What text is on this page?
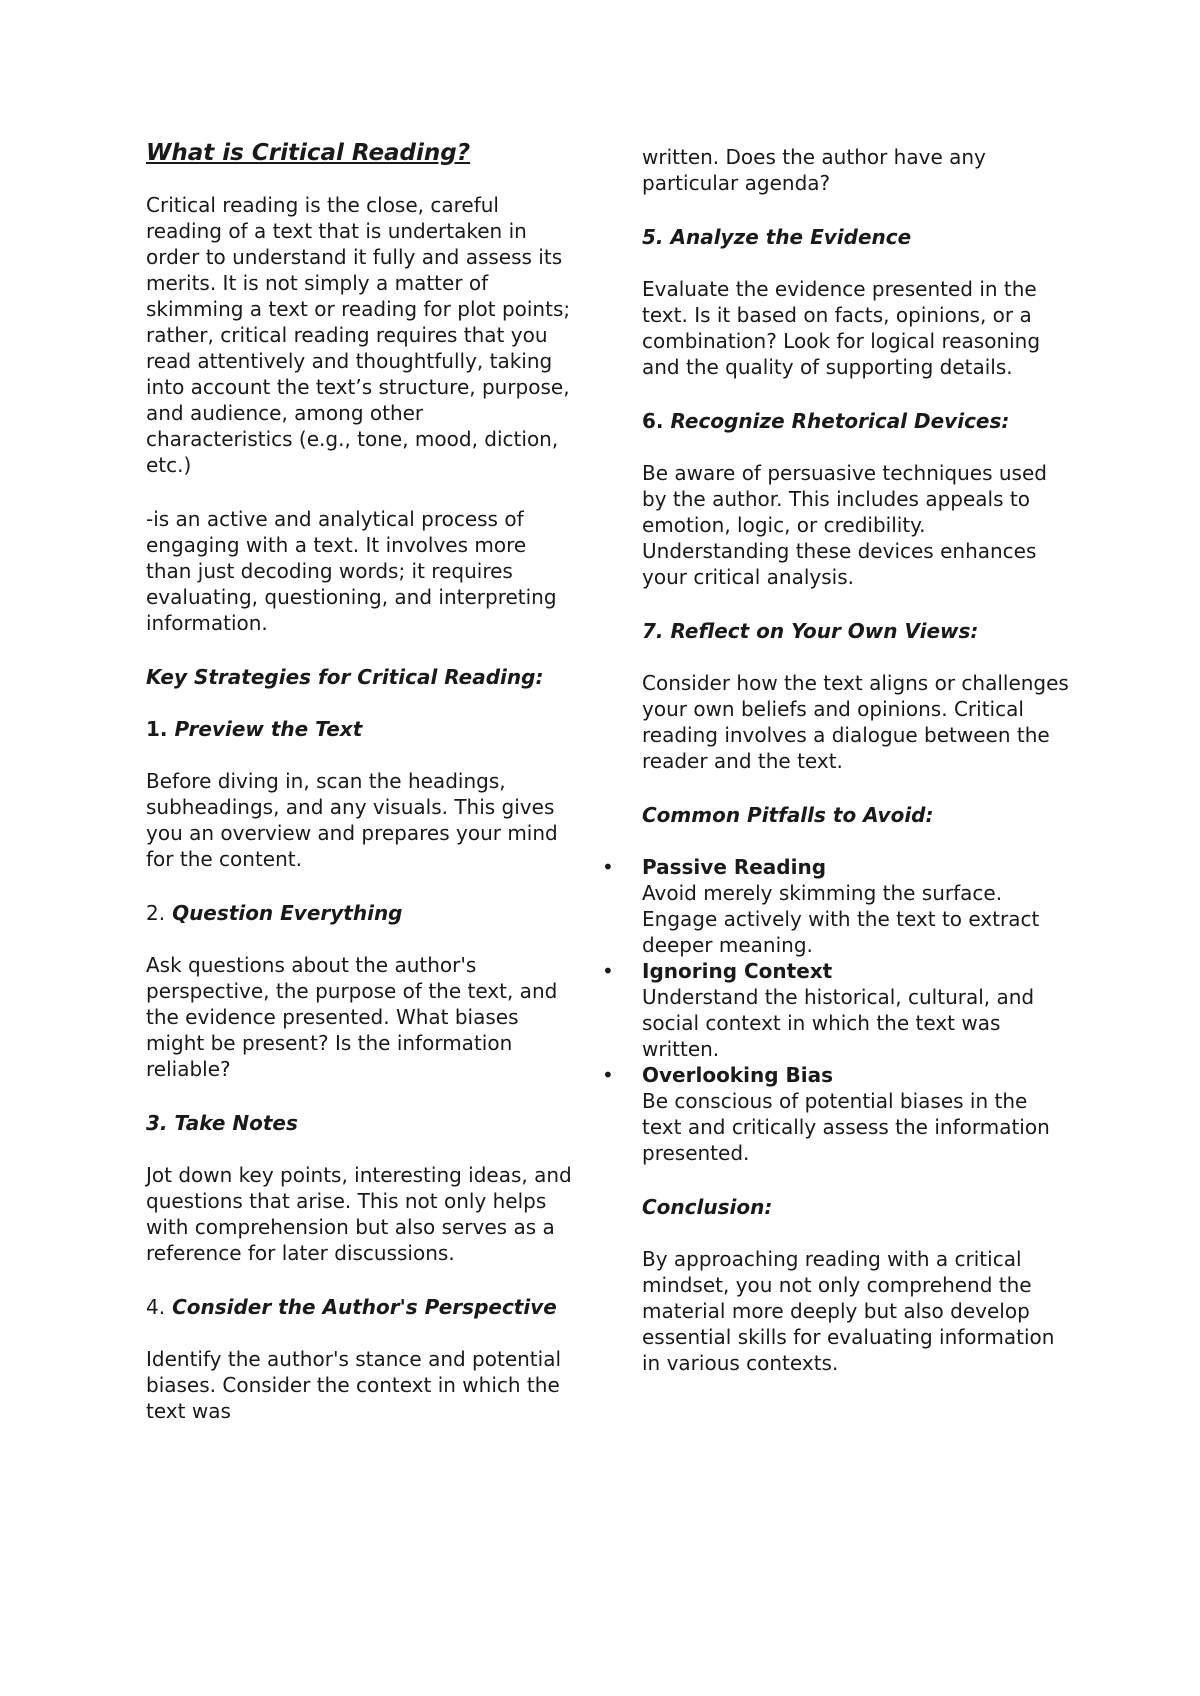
What is Critical Reading?

Critical reading is the close, careful reading of a text that is undertaken in order to understand it fully and assess its merits. It is not simply a matter of skimming a text or reading for plot points; rather, critical reading requires that you read attentively and thoughtfully, taking into account the text’s structure, purpose, and audience, among other characteristics (e.g., tone, mood, diction, etc.)

-is an active and analytical process of engaging with a text. It involves more than just decoding words; it requires evaluating, questioning, and interpreting information.

Key Strategies for Critical Reading:

1. Preview the Text

Before diving in, scan the headings, subheadings, and any visuals. This gives you an overview and prepares your mind for the content.

2. Question Everything

Ask questions about the author's perspective, the purpose of the text, and the evidence presented. What biases might be present? Is the information reliable?

3. Take Notes

Jot down key points, interesting ideas, and questions that arise. This not only helps with comprehension but also serves as a reference for later discussions.

4. Consider the Author's Perspective

Identify the author's stance and potential biases. Consider the context in which the text was

written. Does the author have any particular agenda?

5. Analyze the Evidence

Evaluate the evidence presented in the text. Is it based on facts, opinions, or a combination? Look for logical reasoning and the quality of supporting details.

6. Recognize Rhetorical Devices:

Be aware of persuasive techniques used by the author. This includes appeals to emotion, logic, or credibility. Understanding these devices enhances your critical analysis.

7. Reflect on Your Own Views:

Consider how the text aligns or challenges your own beliefs and opinions. Critical reading involves a dialogue between the reader and the text.

Common Pitfalls to Avoid:

• Passive Reading
Avoid merely skimming the surface. Engage actively with the text to extract deeper meaning.
• Ignoring Context
Understand the historical, cultural, and social context in which the text was written.
• Overlooking Bias
Be conscious of potential biases in the text and critically assess the information presented.

Conclusion:

By approaching reading with a critical mindset, you not only comprehend the material more deeply but also develop essential skills for evaluating information in various contexts.
